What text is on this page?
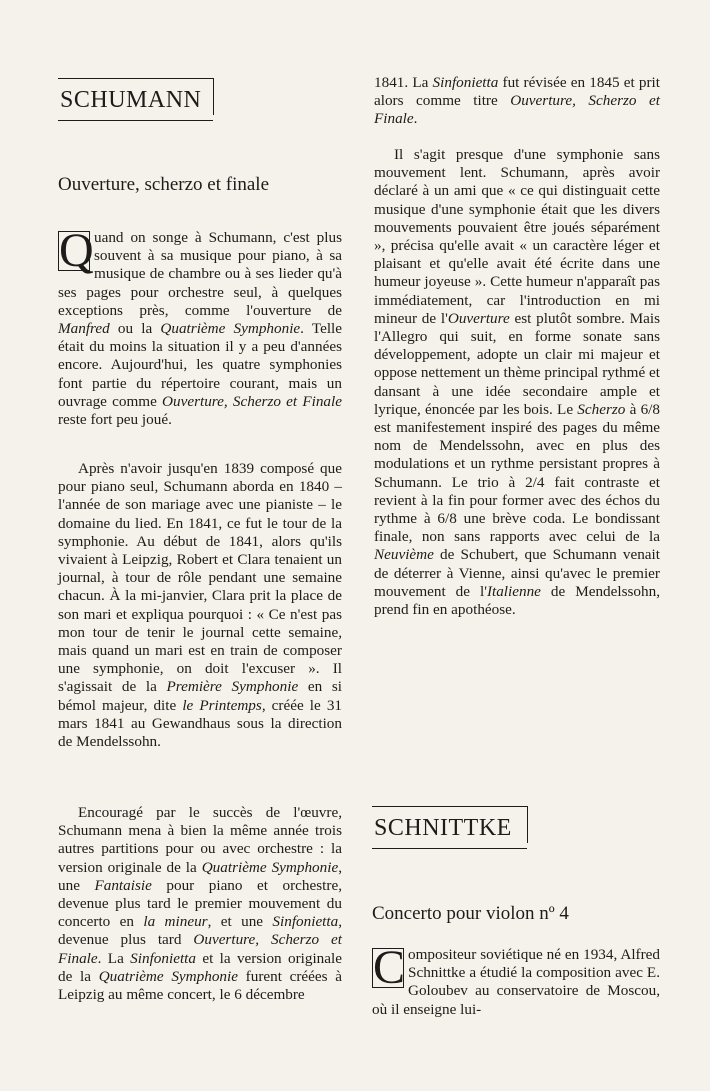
SCHUMANN
Ouverture, scherzo et finale

Q uand on songe à Schumann, c'est plus souvent à sa musique pour piano, à sa musique de chambre ou à ses lieder qu'à ses pages pour orchestre seul, à quelques exceptions près, comme l'ouverture de Manfred ou la Quatrième Symphonie. Telle était du moins la situation il y a peu d'années encore. Aujourd'hui, les quatre symphonies font partie du répertoire courant, mais un ouvrage comme Ouverture, Scherzo et Finale reste fort peu joué.

Après n'avoir jusqu'en 1839 composé que pour piano seul, Schumann aborda en 1840 – l'année de son mariage avec une pianiste – le domaine du lied. En 1841, ce fut le tour de la symphonie. Au début de 1841, alors qu'ils vivaient à Leipzig, Robert et Clara tenaient un journal, à tour de rôle pendant une semaine chacun. À la mi-janvier, Clara prit la place de son mari et expliqua pourquoi : « Ce n'est pas mon tour de tenir le journal cette semaine, mais quand un mari est en train de composer une symphonie, on doit l'excuser ». Il s'agissait de la Première Symphonie en si bémol majeur, dite le Printemps, créée le 31 mars 1841 au Gewandhaus sous la direction de Mendelssohn.

Encouragé par le succès de l'œuvre, Schumann mena à bien la même année trois autres partitions pour ou avec orchestre : la version originale de la Quatrième Symphonie, une Fantaisie pour piano et orchestre, devenue plus tard le premier mouvement du concerto en la mineur, et une Sinfonietta, devenue plus tard Ouverture, Scherzo et Finale. La Sinfonietta et la version originale de la Quatrième Symphonie furent créées à Leipzig au même concert, le 6 décembre

1841. La Sinfonietta fut révisée en 1845 et prit alors comme titre Ouverture, Scherzo et Finale.

Il s'agit presque d'une symphonie sans mouvement lent. Schumann, après avoir déclaré à un ami que « ce qui distinguait cette musique d'une symphonie était que les divers mouvements pouvaient être joués séparément », précisa qu'elle avait « un caractère léger et plaisant et qu'elle avait été écrite dans une humeur joyeuse ». Cette humeur n'apparaît pas immédiatement, car l'introduction en mi mineur de l'Ouverture est plutôt sombre. Mais l'Allegro qui suit, en forme sonate sans développement, adopte un clair mi majeur et oppose nettement un thème principal rythmé et dansant à une idée secondaire ample et lyrique, énoncée par les bois. Le Scherzo à 6/8 est manifestement inspiré des pages du même nom de Mendelssohn, avec en plus des modulations et un rythme persistant propres à Schumann. Le trio à 2/4 fait contraste et revient à la fin pour former avec des échos du rythme à 6/8 une brève coda. Le bondissant finale, non sans rapports avec celui de la Neuvième de Schubert, que Schumann venait de déterrer à Vienne, ainsi qu'avec le premier mouvement de l'Italienne de Mendelssohn, prend fin en apothéose.

SCHNITTKE
Concerto pour violon nº 4

C ompositeur soviétique né en 1934, Alfred Schnittke a étudié la composition avec E. Goloubev au conservatoire de Moscou, où il enseigne lui-
